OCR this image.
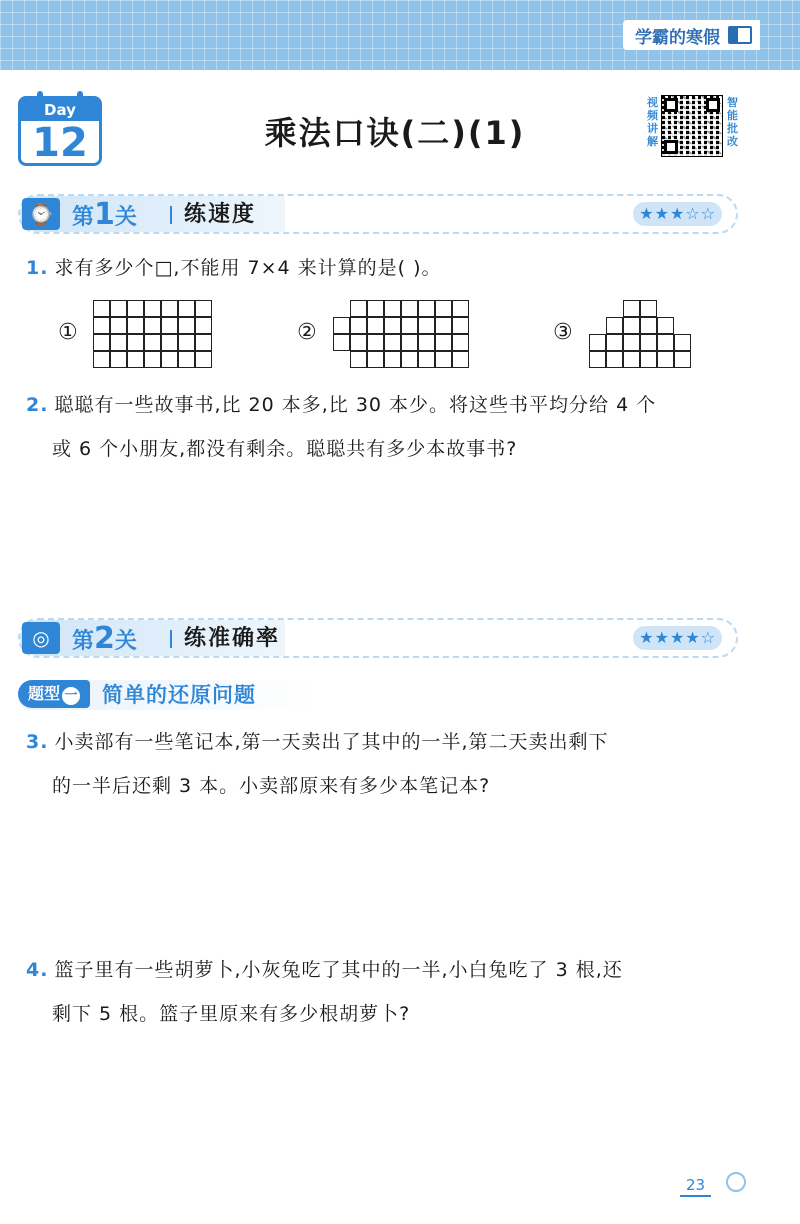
学霸的寒假
Day
12	乘法口诀(二)(1)
视频讲解
智能批改
⌚ 第1关 练速度	★★★☆☆
1. 求有多少个□,不能用 7×4 来计算的是( )。
①	②	③
2. 聪聪有一些故事书,比 20 本多,比 30 本少。将这些书平均分给 4 个
或 6 个小朋友,都没有剩余。聪聪共有多少本故事书?
◎	第2关 练准确率	★★★★☆
题型 一	简单的还原问题
3. 小卖部有一些笔记本,第一天卖出了其中的一半,第二天卖出剩下
的一半后还剩 3 本。小卖部原来有多少本笔记本?
4. 篮子里有一些胡萝卜,小灰兔吃了其中的一半,小白兔吃了 3 根,还
剩下 5 根。篮子里原来有多少根胡萝卜?
23
